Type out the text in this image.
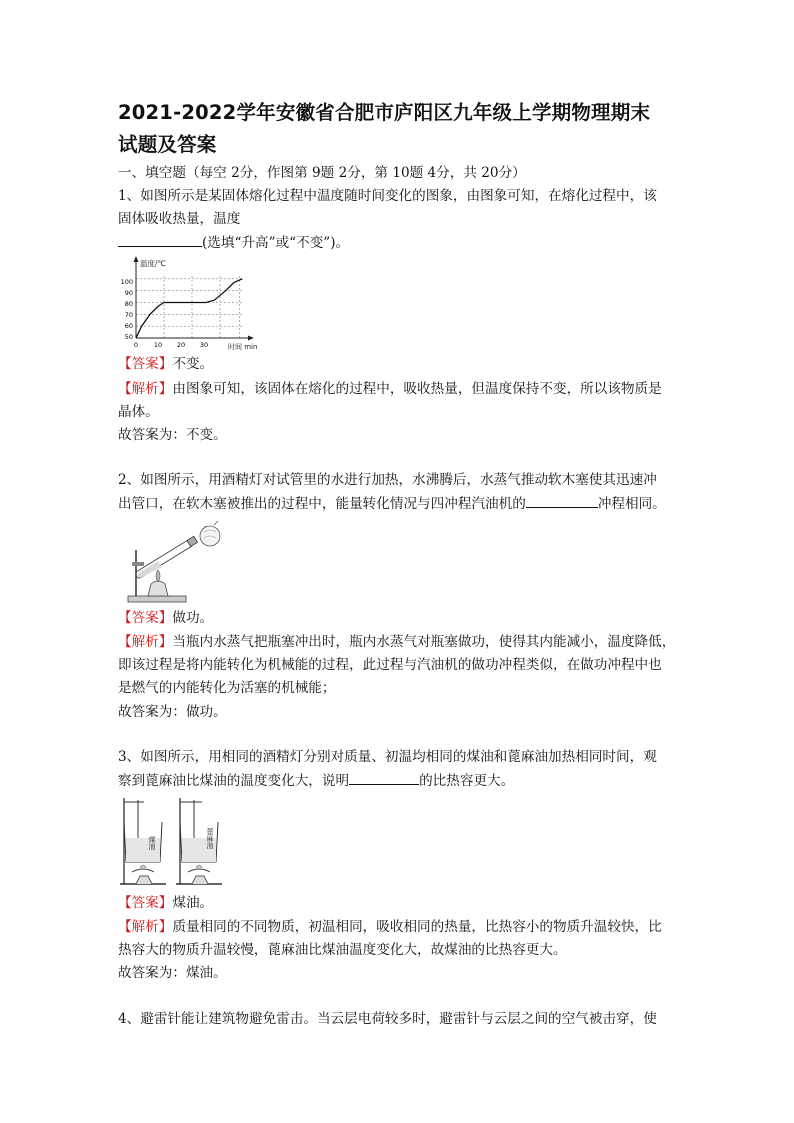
2021-2022学年安徽省合肥市庐阳区九年级上学期物理期末
试题及答案
一、填空题（每空 2分，作图第 9题 2分，第 10题 4分，共 20分）
1、如图所示是某固体熔化过程中温度随时间变化的图象，由图象可知，在熔化过程中，该
固体吸收热量，温度
(选填“升高”或“不变”)。
温度/℃
时间 min
100
90
80
70
60
50
0 10 20 30
【答案】不变。
【解析】由图象可知，该固体在熔化的过程中，吸收热量，但温度保持不变，所以该物质是
晶体。
故答案为：不变。
2、如图所示，用酒精灯对试管里的水进行加热，水沸腾后，水蒸气推动软木塞使其迅速冲
出管口，在软木塞被推出的过程中，能量转化情况与四冲程汽油机的	冲程相同。
【答案】做功。
【解析】当瓶内水蒸气把瓶塞冲出时，瓶内水蒸气对瓶塞做功，使得其内能减小，温度降低，
即该过程是将内能转化为机械能的过程，此过程与汽油机的做功冲程类似，在做功冲程中也
是燃气的内能转化为活塞的机械能；
故答案为：做功。
3、如图所示，用相同的酒精灯分别对质量、初温均相同的煤油和蓖麻油加热相同时间，观
察到蓖麻油比煤油的温度变化大，说明	的比热容更大。
煤油	蓖麻油
【答案】煤油。
【解析】质量相同的不同物质，初温相同，吸收相同的热量，比热容小的物质升温较快，比
热容大的物质升温较慢，蓖麻油比煤油温度变化大，故煤油的比热容更大。
故答案为：煤油。
4、避雷针能让建筑物避免雷击。当云层电荷较多时，避雷针与云层之间的空气被击穿，使
